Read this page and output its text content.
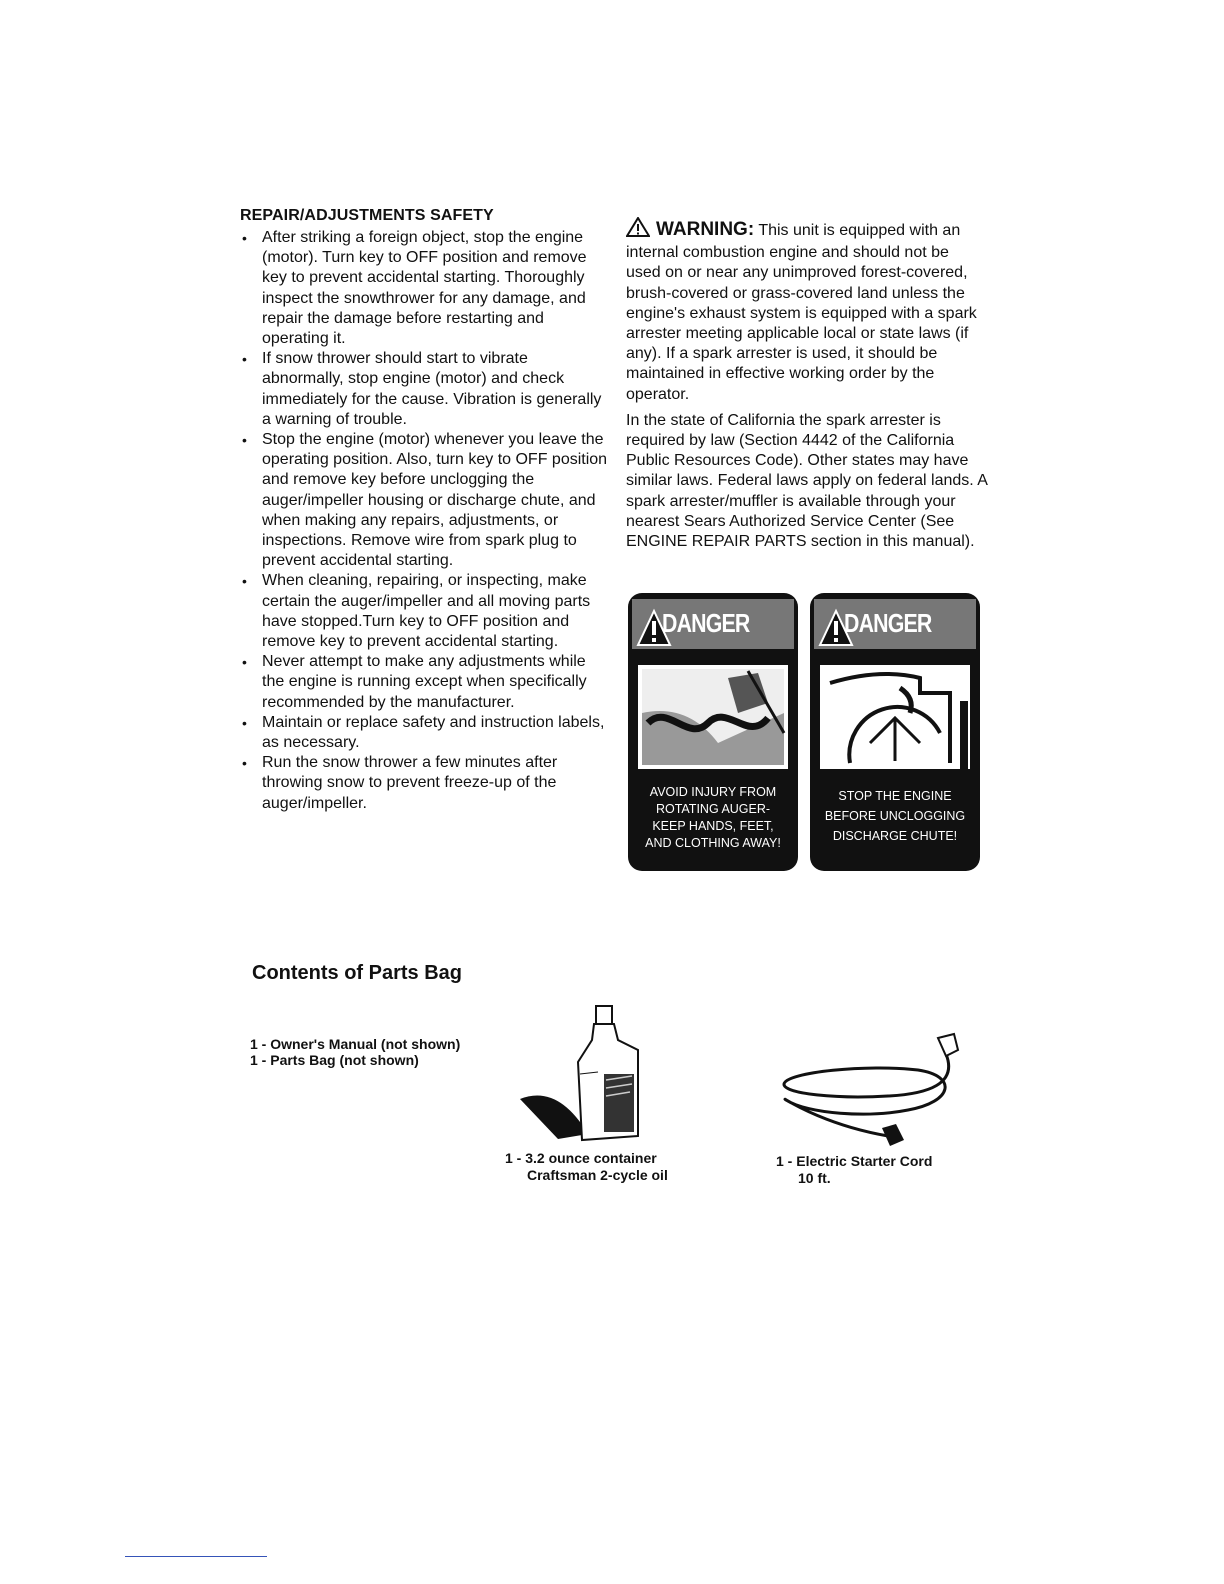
REPAIR/ADJUSTMENTS SAFETY
• After striking a foreign object, stop the engine (motor). Turn key to OFF position and remove key to prevent accidental starting. Thoroughly inspect the snowthrower for any damage, and repair the damage before restarting and operating it.
• If snow thrower should start to vibrate abnormally, stop engine (motor) and check immediately for the cause. Vibration is generally a warning of trouble.
• Stop the engine (motor) whenever you leave the operating position. Also, turn key to OFF position and remove key before unclogging the auger/impeller housing or discharge chute, and when making any repairs, adjustments, or inspections. Remove wire from spark plug to prevent accidental starting.
• When cleaning, repairing, or inspecting, make certain the auger/impeller and all moving parts have stopped.Turn key to OFF position and remove key to prevent accidental starting.
• Never attempt to make any adjustments while the engine is running except when specifically recommended by the manufacturer.
• Maintain or replace safety and instruction labels, as necessary.
• Run the snow thrower a few minutes after throwing snow to prevent freeze-up of the auger/impeller.

WARNING: This unit is equipped with an internal combustion engine and should not be used on or near any unimproved forest-covered, brush-covered or grass-covered land unless the engine's exhaust system is equipped with a spark arrester meeting applicable local or state laws (if any). If a spark arrester is used, it should be maintained in effective working order by the operator.

In the state of California the spark arrester is required by law (Section 4442 of the California Public Resources Code). Other states may have similar laws. Federal laws apply on federal lands. A spark arrester/muffler is available through your nearest Sears Authorized Service Center (See ENGINE REPAIR PARTS section in this manual).

DANGER
AVOID INJURY FROM
ROTATING AUGER-
KEEP HANDS, FEET,
AND CLOTHING AWAY!
DANGER
STOP THE ENGINE
BEFORE UNCLOGGING
DISCHARGE CHUTE!
Contents of Parts Bag
1 - Owner's Manual (not shown)
1 - Parts Bag (not shown)
1 - 3.2 ounce container
Craftsman 2-cycle oil
1 - Electric Starter Cord
10 ft.
